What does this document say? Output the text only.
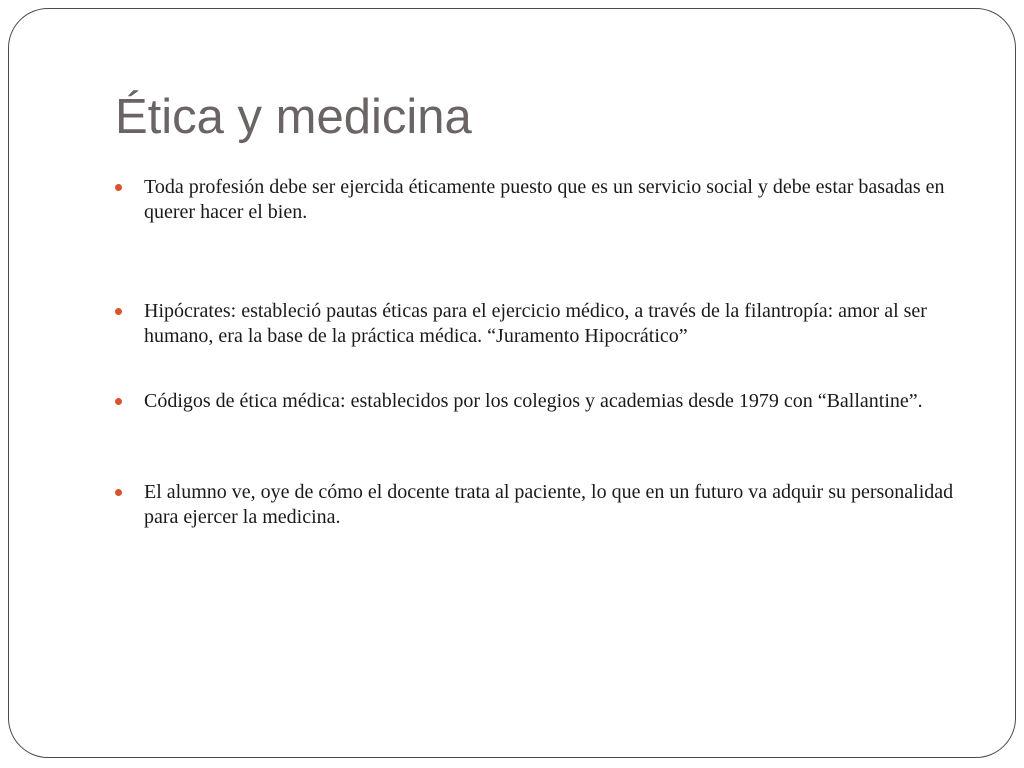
Ética y medicina
Toda profesión debe ser ejercida éticamente puesto que es un servicio social y debe estar basadas en querer hacer el bien.
Hipócrates: estableció pautas éticas para el ejercicio médico, a través de la filantropía: amor al ser humano, era la base de la práctica médica. “Juramento Hipocrático”
Códigos de ética médica: establecidos por los colegios y academias desde 1979 con “Ballantine”.
El alumno ve, oye de cómo el docente trata al paciente, lo que en un futuro va adquir su personalidad para ejercer la medicina.
